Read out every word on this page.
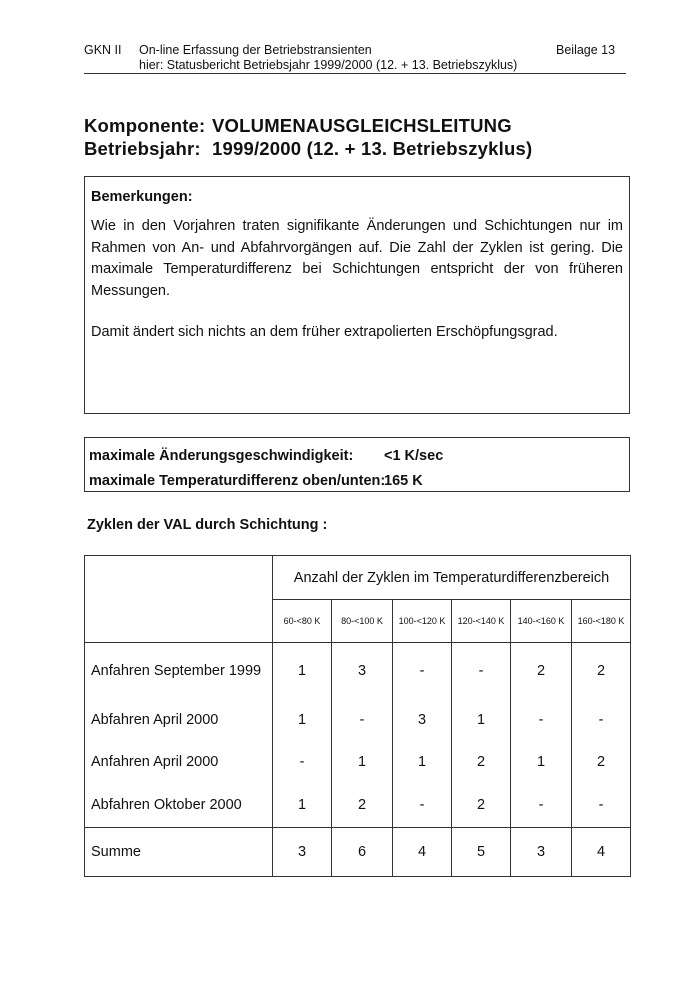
GKN II On-line Erfassung der Betriebstransienten
hier: Statusbericht Betriebsjahr 1999/2000 (12. + 13. Betriebszyklus)
Beilage 13
Komponente: VOLUMENAUSGLEICHSLEITUNG
Betriebsjahr: 1999/2000 (12. + 13. Betriebszyklus)
Bemerkungen:

Wie in den Vorjahren traten signifikante Änderungen und Schichtungen nur im Rahmen von An- und Abfahrvorgängen auf. Die Zahl der Zyklen ist gering. Die maximale Temperaturdifferenz bei Schichtungen entspricht der von früheren Messungen.

Damit ändert sich nichts an dem früher extrapolierten Erschöpfungsgrad.

maximale Änderungsgeschwindigkeit: <1 K/sec
maximale Temperaturdifferenz oben/unten:
165 K
Zyklen der VAL durch Schichtung :
	Anzahl der Zyklen im Temperaturdifferenzbereich					
	60-<80 K	80-<100 K	100-<120 K	120-<140 K	140-<160 K	160-<180 K
Anfahren September 1999	1	3	-	-	2	2
Abfahren April 2000	1	-	3	1	-	-
Anfahren April 2000	-	1	1	2	1	2
Abfahren Oktober 2000	1	2	-	2	-	-
Summe	3	6	4	5	3	4
